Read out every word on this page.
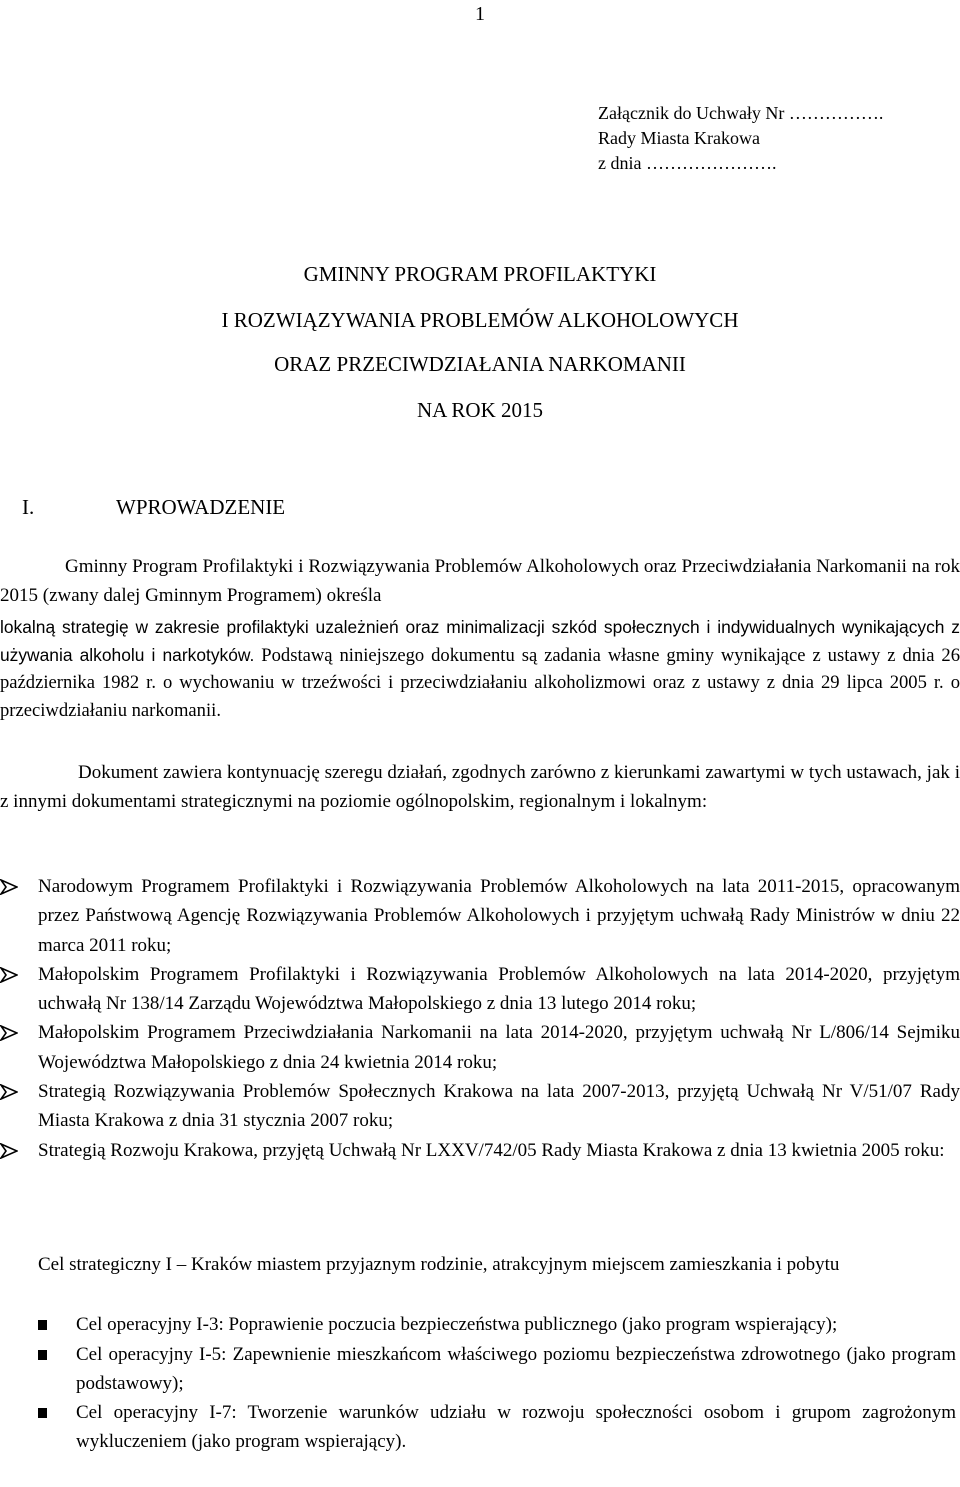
1
Załącznik do Uchwały Nr …………….
Rady Miasta Krakowa
z dnia ………………….
GMINNY PROGRAM PROFILAKTYKI
I ROZWIĄZYWANIA PROBLEMÓW ALKOHOLOWYCH
ORAZ PRZECIWDZIAŁANIA NARKOMANII
NA ROK 2015
I.	WPROWADZENIE
Gminny Program Profilaktyki i Rozwiązywania Problemów Alkoholowych oraz Przeciwdziałania Narkomanii na rok 2015 (zwany dalej Gminnym Programem) określa
lokalną strategię w zakresie profilaktyki uzależnień oraz minimalizacji szkód społecznych i indywidualnych wynikających z używania alkoholu i narkotyków. Podstawą niniejszego dokumentu są zadania własne gminy wynikające z ustawy z dnia 26 października 1982 r. o wychowaniu w trzeźwości i przeciwdziałaniu alkoholizmowi oraz z ustawy z dnia 29 lipca 2005 r. o przeciwdziałaniu narkomanii.
Dokument zawiera kontynuację szeregu działań, zgodnych zarówno z kierunkami zawartymi w tych ustawach, jak i z innymi dokumentami strategicznymi na poziomie ogólnopolskim, regionalnym i lokalnym:
Narodowym Programem Profilaktyki i Rozwiązywania Problemów Alkoholowych na lata 2011-2015, opracowanym przez Państwową Agencję Rozwiązywania Problemów Alkoholowych i przyjętym uchwałą Rady Ministrów w dniu 22 marca 2011 roku;
Małopolskim Programem Profilaktyki i Rozwiązywania Problemów Alkoholowych na lata 2014-2020, przyjętym uchwałą Nr 138/14 Zarządu Województwa Małopolskiego z dnia 13 lutego 2014 roku;
Małopolskim Programem Przeciwdziałania Narkomanii na lata 2014-2020, przyjętym uchwałą Nr L/806/14 Sejmiku Województwa Małopolskiego z dnia 24 kwietnia 2014 roku;
Strategią Rozwiązywania Problemów Społecznych Krakowa na lata 2007-2013, przyjętą Uchwałą Nr V/51/07 Rady Miasta Krakowa z dnia 31 stycznia 2007 roku;
Strategią Rozwoju Krakowa, przyjętą Uchwałą Nr LXXV/742/05 Rady Miasta Krakowa z dnia 13 kwietnia 2005 roku:
Cel strategiczny I – Kraków miastem przyjaznym rodzinie, atrakcyjnym miejscem zamieszkania i pobytu
Cel operacyjny I-3: Poprawienie poczucia bezpieczeństwa publicznego (jako program wspierający);
Cel operacyjny I-5: Zapewnienie mieszkańcom właściwego poziomu bezpieczeństwa zdrowotnego (jako program podstawowy);
Cel operacyjny I-7: Tworzenie warunków udziału w rozwoju społeczności osobom i grupom zagrożonym wykluczeniem (jako program wspierający).
